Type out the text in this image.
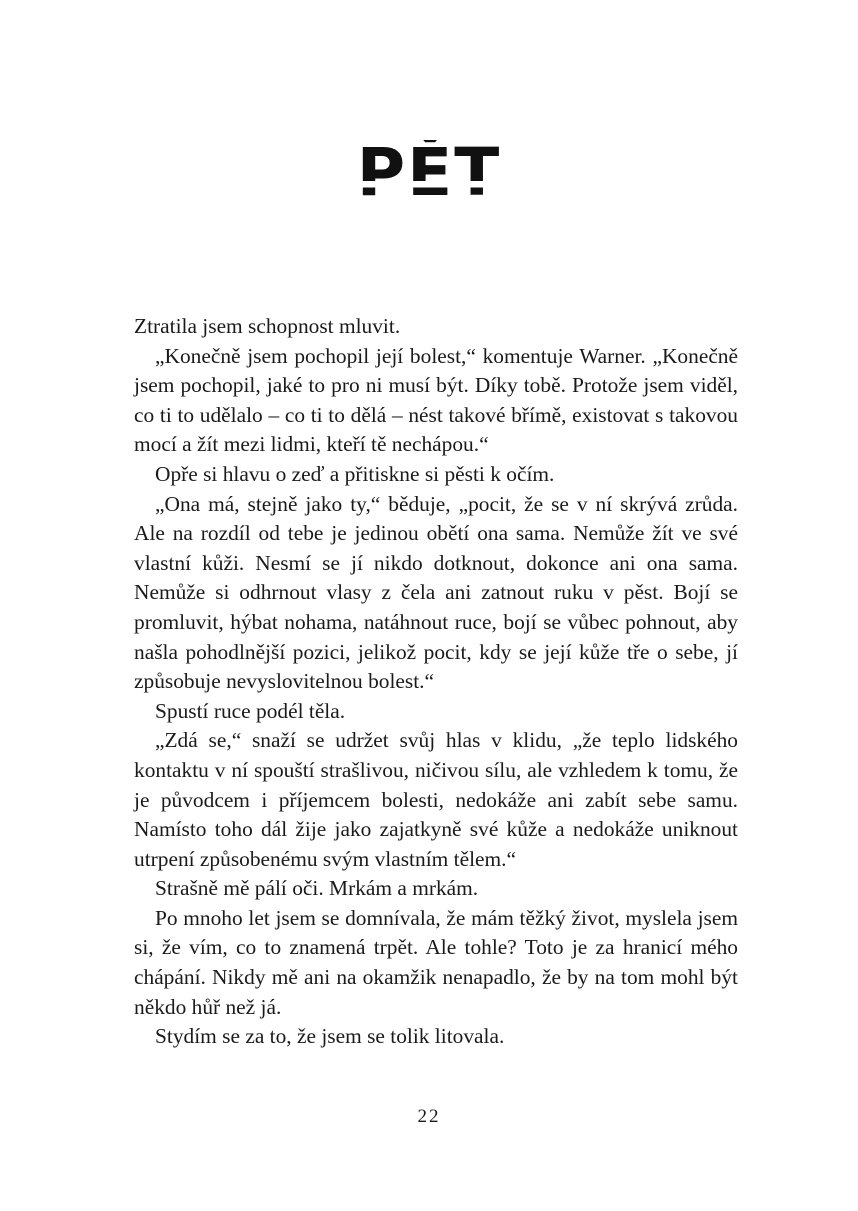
PĚT

Ztratila jsem schopnost mluvit.

„Konečně jsem pochopil její bolest,“ komentuje Warner. „Konečně jsem pochopil, jaké to pro ni musí být. Díky tobě. Protože jsem viděl, co ti to udělalo – co ti to dělá – nést takové břímě, existovat s takovou mocí a žít mezi lidmi, kteří tě nechápou.“

Opře si hlavu o zeď a přitiskne si pěsti k očím.

„Ona má, stejně jako ty,“ běduje, „pocit, že se v ní skrývá zrůda. Ale na rozdíl od tebe je jedinou obětí ona sama. Nemůže žít ve své vlastní kůži. Nesmí se jí nikdo dotknout, dokonce ani ona sama. Nemůže si odhrnout vlasy z čela ani zatnout ruku v pěst. Bojí se promluvit, hýbat nohama, natáhnout ruce, bojí se vůbec pohnout, aby našla pohodlnější pozici, jelikož pocit, kdy se její kůže tře o sebe, jí způsobuje nevyslovitelnou bolest.“

Spustí ruce podél těla.

„Zdá se,“ snaží se udržet svůj hlas v klidu, „že teplo lidského kontaktu v ní spouští strašlivou, ničivou sílu, ale vzhledem k tomu, že je původcem i příjemcem bolesti, nedokáže ani zabít sebe samu. Namísto toho dál žije jako zajatkyně své kůže a nedokáže uniknout utrpení způsobenému svým vlastním tělem.“

Strašně mě pálí oči. Mrkám a mrkám.

Po mnoho let jsem se domnívala, že mám těžký život, myslela jsem si, že vím, co to znamená trpět. Ale tohle? Toto je za hranicí mého chápání. Nikdy mě ani na okamžik nenapadlo, že by na tom mohl být někdo hůř než já.

Stydím se za to, že jsem se tolik litovala.

22
